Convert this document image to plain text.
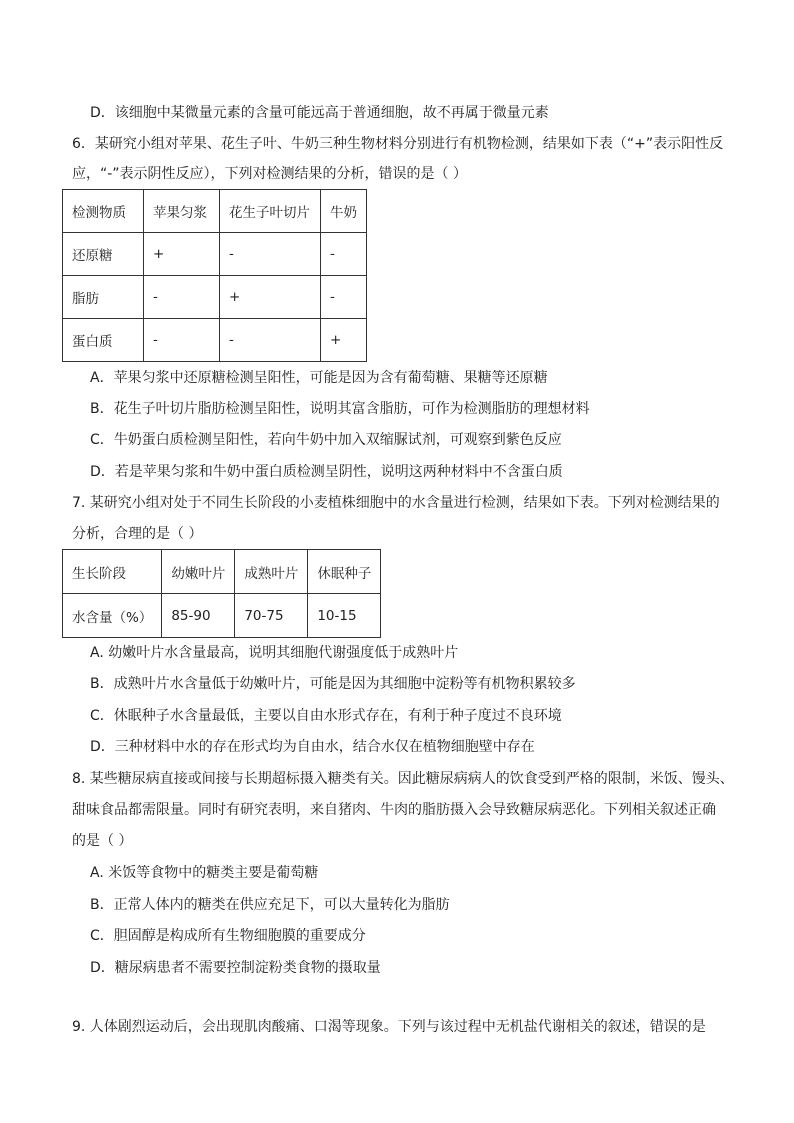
D．该细胞中某微量元素的含量可能远高于普通细胞，故不再属于微量元素
6．某研究小组对苹果、花生子叶、牛奶三种生物材料分别进行有机物检测，结果如下表（“+”表示阳性反
应，“-”表示阴性反应），下列对检测结果的分析，错误的是（ ）
检测物质	苹果匀浆	花生子叶切片	牛奶
还原糖	+	-	-
脂肪	-	+	-
蛋白质	-	-	+
A．苹果匀浆中还原糖检测呈阳性，可能是因为含有葡萄糖、果糖等还原糖
B．花生子叶切片脂肪检测呈阳性，说明其富含脂肪，可作为检测脂肪的理想材料
C．牛奶蛋白质检测呈阳性，若向牛奶中加入双缩脲试剂，可观察到紫色反应
D．若是苹果匀浆和牛奶中蛋白质检测呈阴性，说明这两种材料中不含蛋白质
7. 某研究小组对处于不同生长阶段的小麦植株细胞中的水含量进行检测，结果如下表。下列对检测结果的
分析，合理的是（ ）
生长阶段	幼嫩叶片	成熟叶片	休眠种子
水含量（%）	85-90	70-75	10-15
A. 幼嫩叶片水含量最高，说明其细胞代谢强度低于成熟叶片
B．成熟叶片水含量低于幼嫩叶片，可能是因为其细胞中淀粉等有机物积累较多
C．休眠种子水含量最低，主要以自由水形式存在，有利于种子度过不良环境
D．三种材料中水的存在形式均为自由水，结合水仅在植物细胞壁中存在
8. 某些糖尿病直接或间接与长期超标摄入糖类有关。因此糖尿病病人的饮食受到严格的限制，米饭、馒头、
甜味食品都需限量。同时有研究表明，来自猪肉、牛肉的脂肪摄入会导致糖尿病恶化。下列相关叙述正确
的是（ ）
A. 米饭等食物中的糖类主要是葡萄糖
B．正常人体内的糖类在供应充足下，可以大量转化为脂肪
C．胆固醇是构成所有生物细胞膜的重要成分
D．糖尿病患者不需要控制淀粉类食物的摄取量
9. 人体剧烈运动后，会出现肌肉酸痛、口渴等现象。下列与该过程中无机盐代谢相关的叙述，错误的是
